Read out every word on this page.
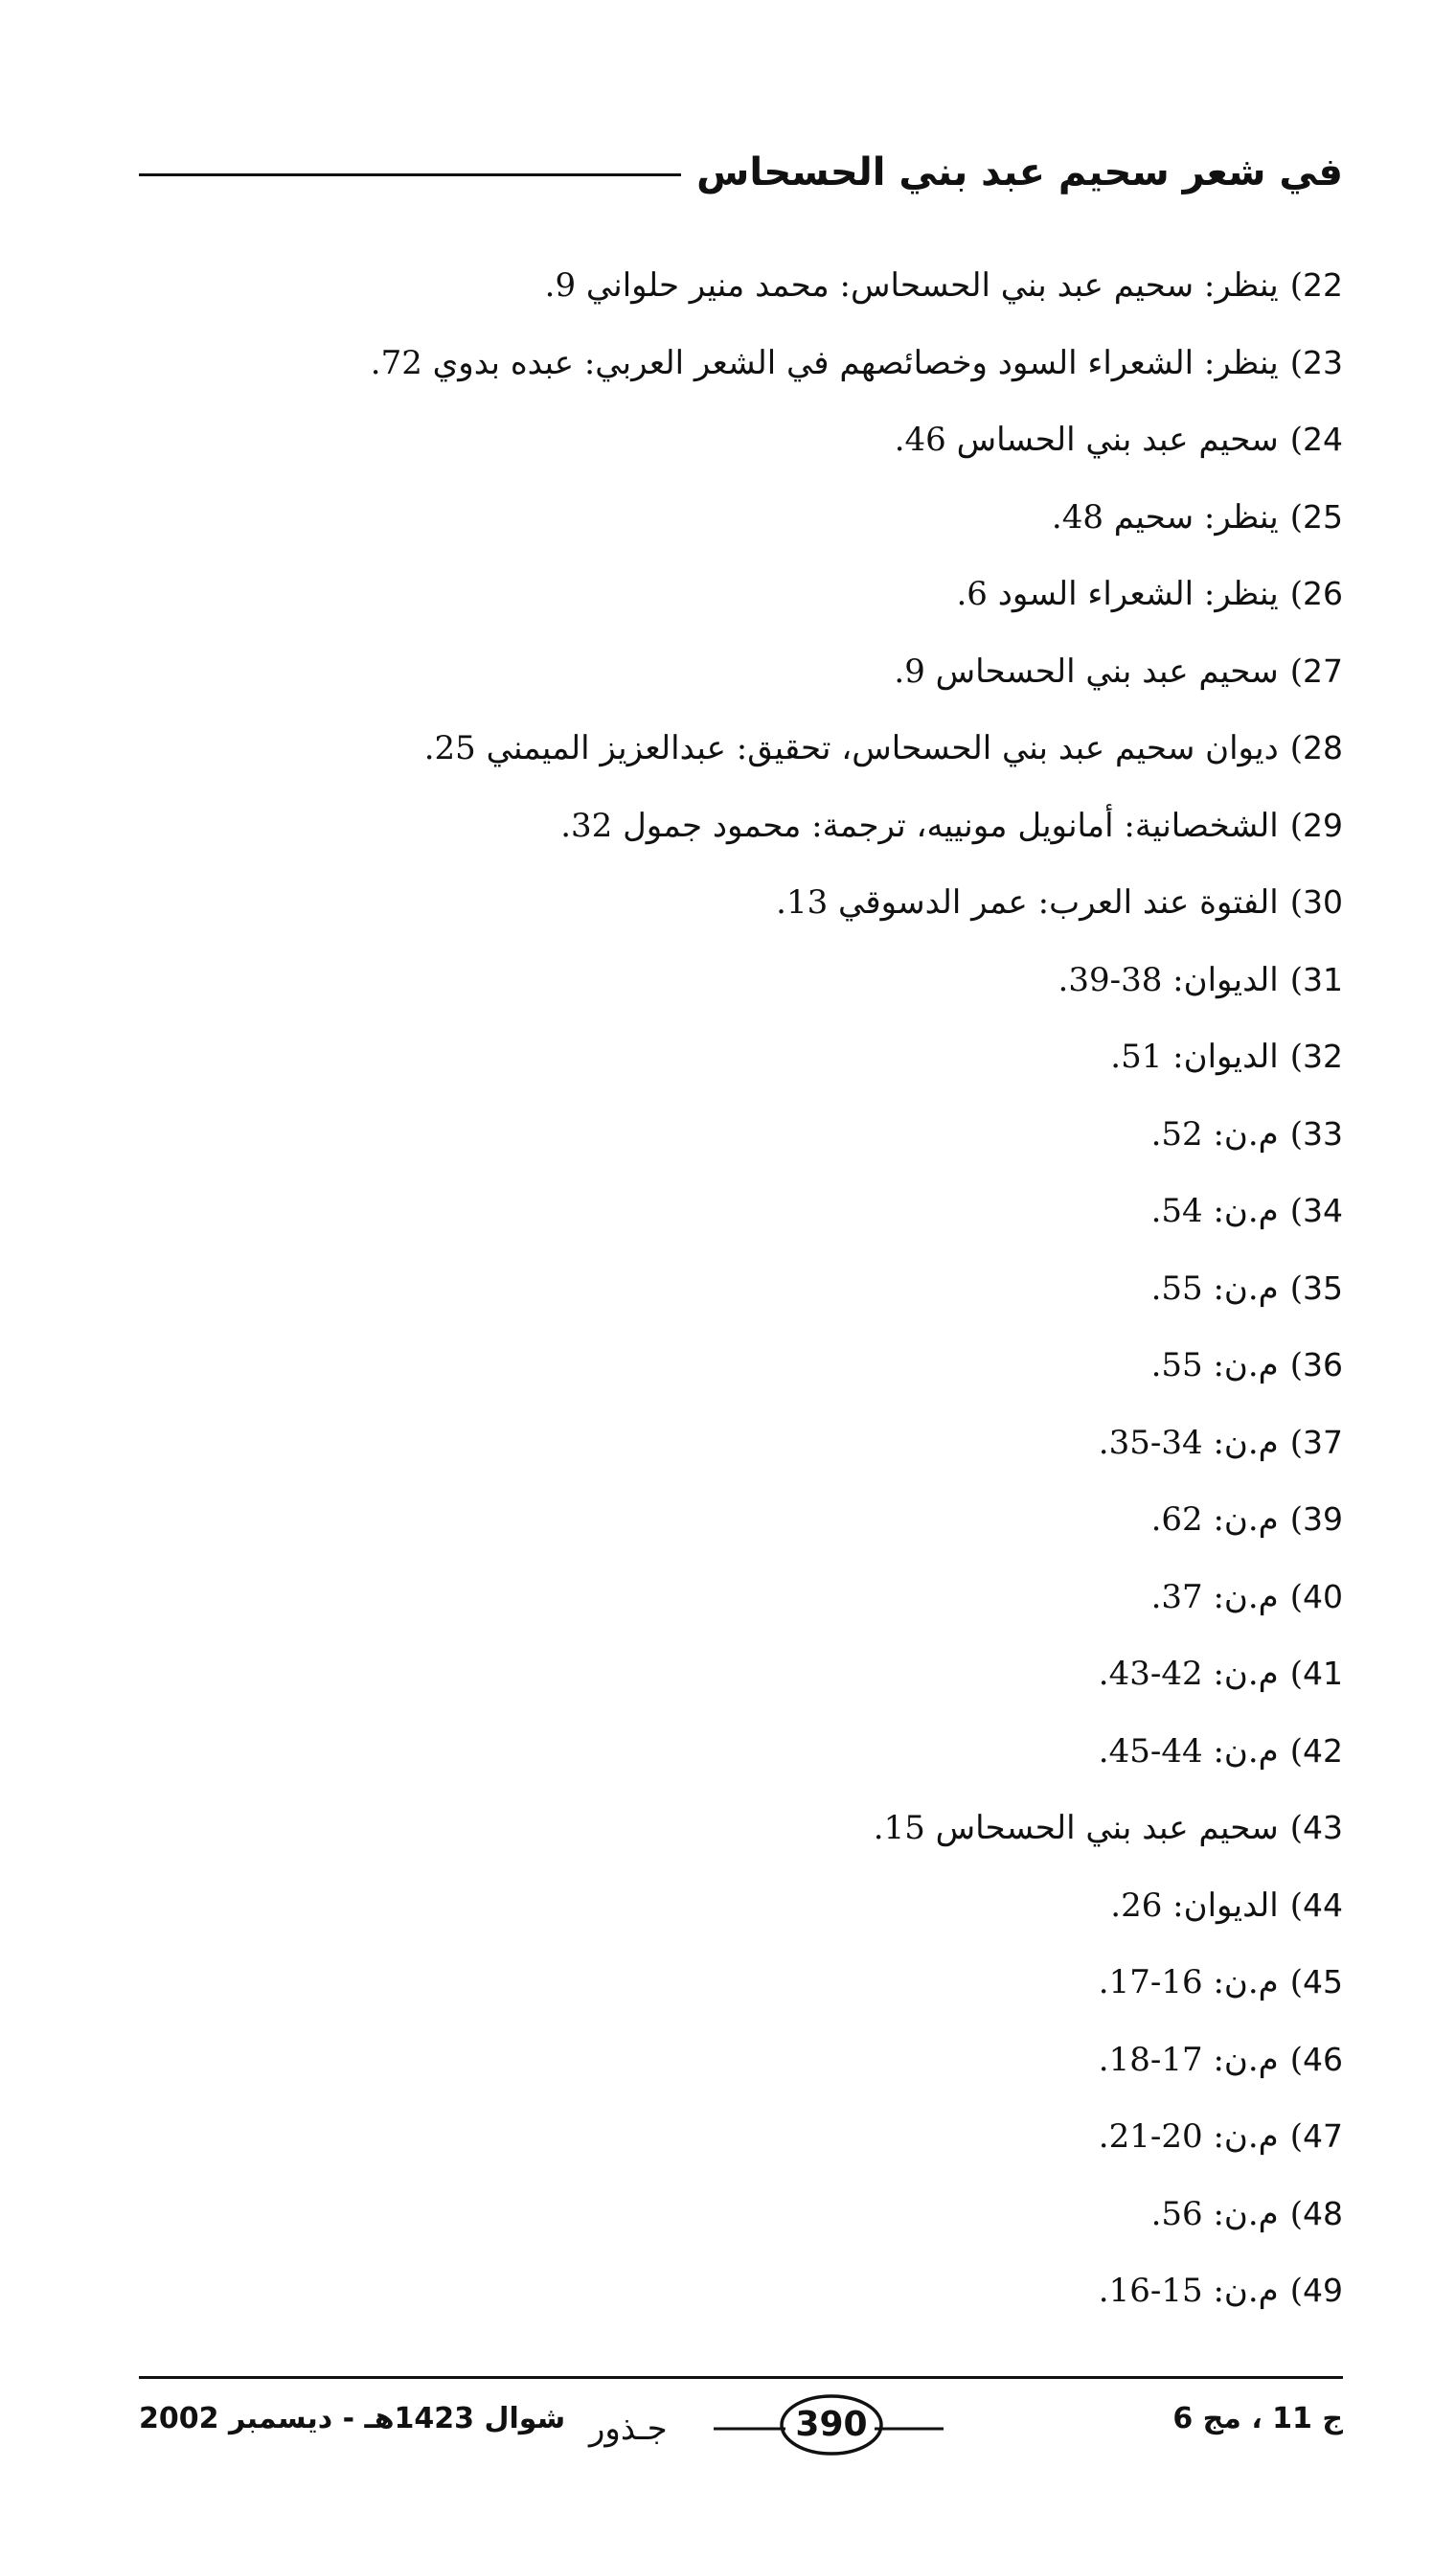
في شعر سحيم عبد بني الحسحاس
22)ينظر: سحيم عبد بني الحسحاس: محمد منير حلواني 9.
23)ينظر: الشعراء السود وخصائصهم في الشعر العربي: عبده بدوي 72.
24)سحيم عبد بني الحساس 46.
25)ينظر: سحيم 48.
26)ينظر: الشعراء السود 6.
27)سحيم عبد بني الحسحاس 9.
28)ديوان سحيم عبد بني الحسحاس، تحقيق: عبدالعزيز الميمني 25.
29)الشخصانية: أمانويل مونييه، ترجمة: محمود جمول 32.
30)الفتوة عند العرب: عمر الدسوقي 13.
31)الديوان: 38-39.
32)الديوان: 51.
33)م.ن: 52.
34)م.ن: 54.
35)م.ن: 55.
36)م.ن: 55.
37)م.ن: 34-35.
39)م.ن: 62.
40)م.ن: 37.
41)م.ن: 42-43.
42)م.ن: 44-45.
43)سحيم عبد بني الحسحاس 15.
44)الديوان: 26.
45)م.ن: 16-17.
46)م.ن: 17-18.
47)م.ن: 20-21.
48)م.ن: 56.
49)م.ن: 15-16.
ج 11 ، مج 6
390
جـذور
شوال 1423هـ - ديسمبر 2002
